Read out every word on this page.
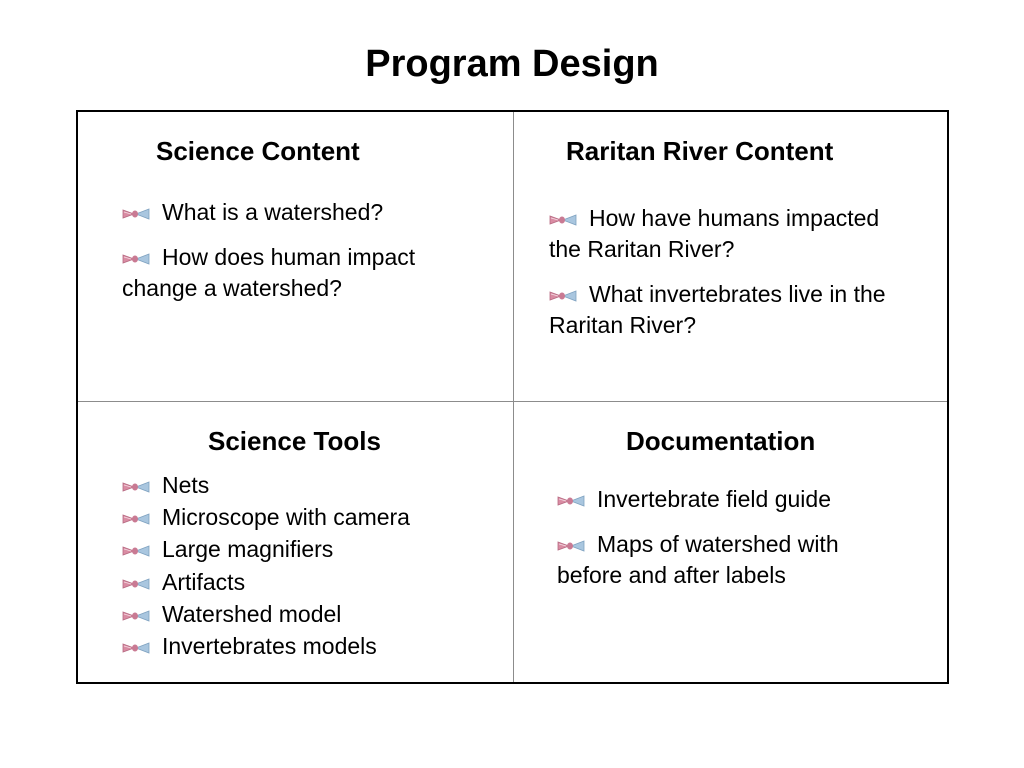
Program Design
Science Content
What is a watershed?
How does human impact change a watershed?
Raritan River Content
How have humans impacted the Raritan River?
What invertebrates live in the Raritan River?
Science Tools
Nets
Microscope with camera
Large magnifiers
Artifacts
Watershed model
Invertebrates models
Documentation
Invertebrate field guide
Maps of watershed with before and after labels
